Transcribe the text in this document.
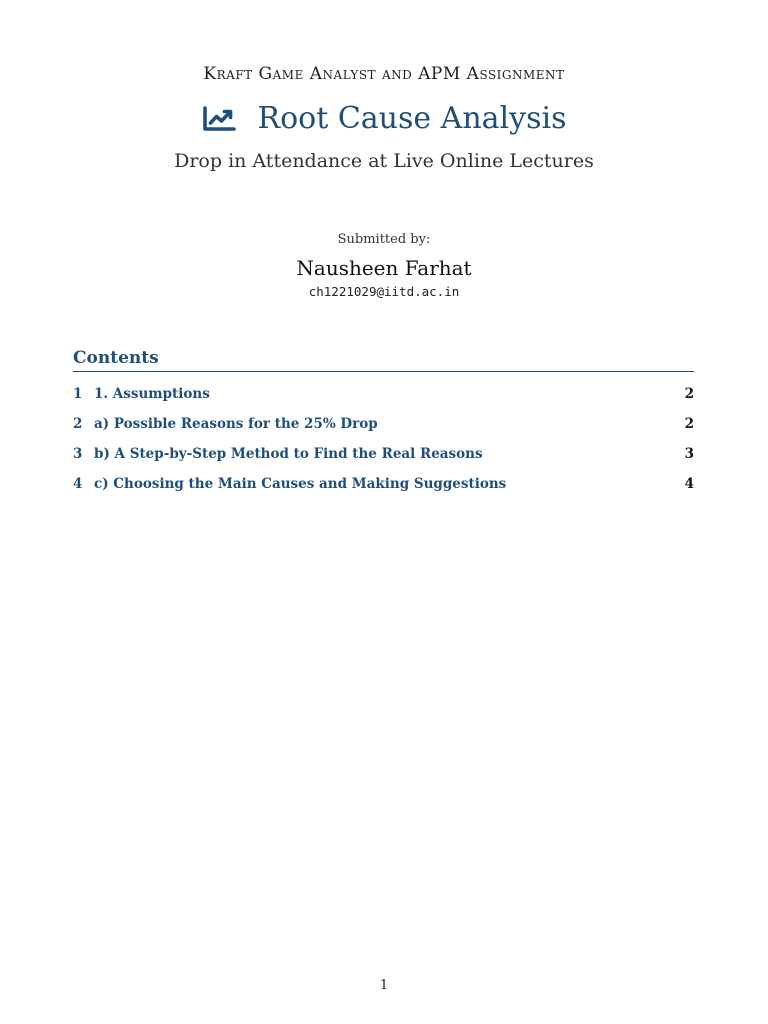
Kraft Game Analyst and APM Assignment
Root Cause Analysis
Drop in Attendance at Live Online Lectures
Submitted by:
Nausheen Farhat
ch1221029@iitd.ac.in
Contents
1 1. Assumptions	2
2 a) Possible Reasons for the 25% Drop	2
3 b) A Step-by-Step Method to Find the Real Reasons	3
4 c) Choosing the Main Causes and Making Suggestions	4
1
